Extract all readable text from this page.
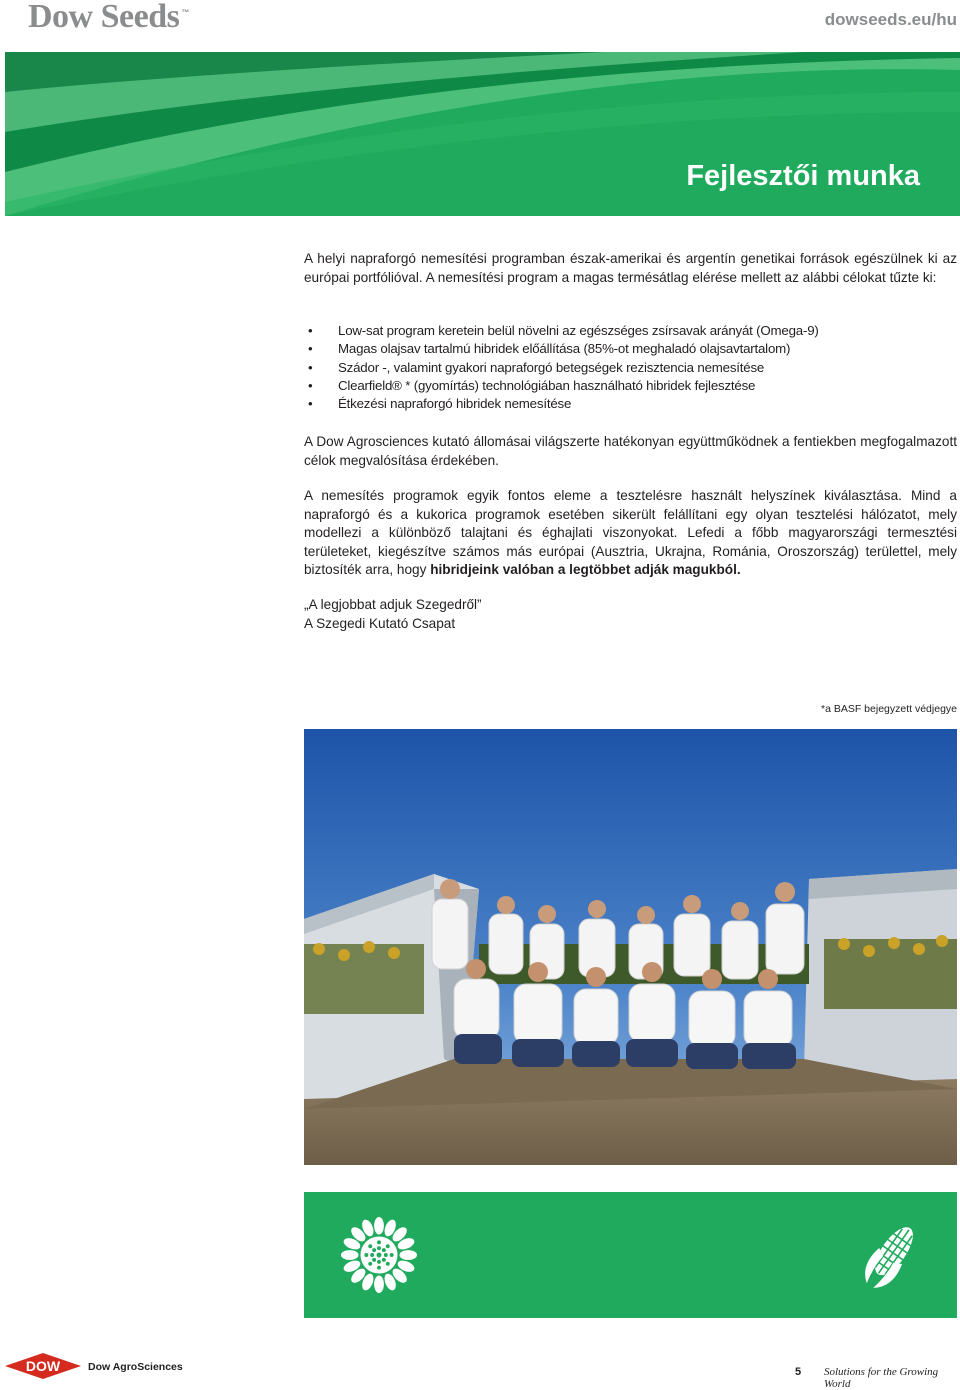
Dow Seeds ™	dowseeds.eu/hu
Fejlesztői munka

A helyi napraforgó nemesítési programban észak-amerikai és argentín genetikai források egészülnek ki az európai portfólióval. A nemesítési program a magas termésátlag elérése mellett az alábbi célokat tűzte ki:

• Low-sat program keretein belül növelni az egészséges zsírsavak arányát (Omega-9)
• Magas olajsav tartalmú hibridek előállítása (85%-ot meghaladó olajsavtartalom)
• Szádor -, valamint gyakori napraforgó betegségek rezisztencia nemesítése
• Clearfield® * (gyomírtás) technológiában használható hibridek fejlesztése
• Étkezési napraforgó hibridek nemesítése

A Dow Agrosciences kutató állomásai világszerte hatékonyan együttműködnek a fentiekben megfogalmazott célok megvalósítása érdekében.

A nemesítés programok egyik fontos eleme a tesztelésre használt helyszínek kiválasztása. Mind a napraforgó és a kukorica programok esetében sikerült felállítani egy olyan tesztelési hálózatot, mely modellezi a különböző talajtani és éghajlati viszonyokat. Lefedi a főbb magyarországi termesztési területeket, kiegészítve számos más európai (Ausztria, Ukrajna, Románia, Oroszország) területtel, mely biztosíték arra, hogy hibridjeink valóban a legtöbbet adják magukból.

„A legjobbat adjuk Szegedről”
A Szegedi Kutató Csapat
*a BASF bejegyzett védjegye
DOW	Dow AgroSciences	5 Solutions for the Growing World
